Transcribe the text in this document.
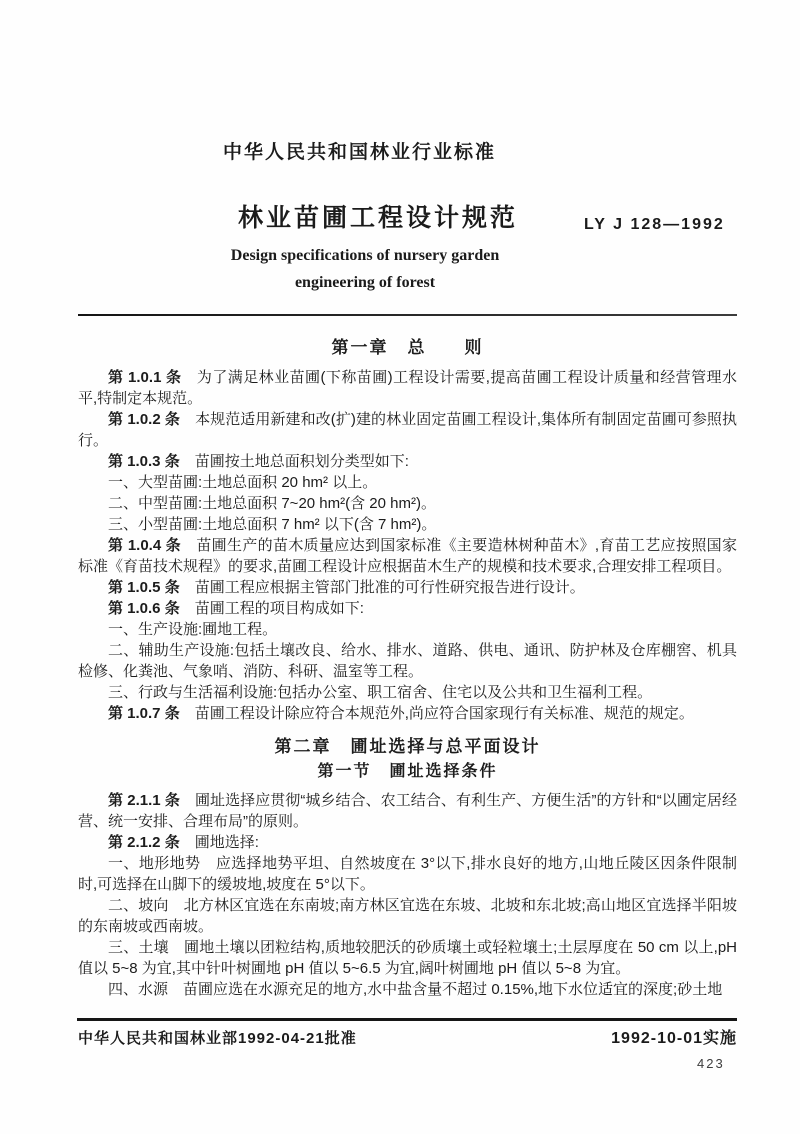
中华人民共和国林业行业标准
林业苗圃工程设计规范	LY J 128—1992
Design specifications of nursery garden
engineering of forest
第一章　总　　则

第 1.0.1 条　为了满足林业苗圃(下称苗圃)工程设计需要,提高苗圃工程设计质量和经营管理水平,特制定本规范。

第 1.0.2 条　本规范适用新建和改(扩)建的林业固定苗圃工程设计,集体所有制固定苗圃可参照执行。

第 1.0.3 条　苗圃按土地总面积划分类型如下:

一、大型苗圃:土地总面积 20 hm² 以上。

二、中型苗圃:土地总面积 7~20 hm²(含 20 hm²)。

三、小型苗圃:土地总面积 7 hm² 以下(含 7 hm²)。

第 1.0.4 条　苗圃生产的苗木质量应达到国家标准《主要造林树种苗木》,育苗工艺应按照国家标准《育苗技术规程》的要求,苗圃工程设计应根据苗木生产的规模和技术要求,合理安排工程项目。

第 1.0.5 条　苗圃工程应根据主管部门批准的可行性研究报告进行设计。

第 1.0.6 条　苗圃工程的项目构成如下:

一、生产设施:圃地工程。

二、辅助生产设施:包括土壤改良、给水、排水、道路、供电、通讯、防护林及仓库棚窖、机具检修、化粪池、气象哨、消防、科研、温室等工程。

三、行政与生活福利设施:包括办公室、职工宿舍、住宅以及公共和卫生福利工程。

第 1.0.7 条　苗圃工程设计除应符合本规范外,尚应符合国家现行有关标准、规范的规定。

第二章　圃址选择与总平面设计
第一节　圃址选择条件

第 2.1.1 条　圃址选择应贯彻“城乡结合、农工结合、有利生产、方便生活”的方针和“以圃定居经营、统一安排、合理布局”的原则。

第 2.1.2 条　圃地选择:

一、地形地势　应选择地势平坦、自然坡度在 3°以下,排水良好的地方,山地丘陵区因条件限制时,可选择在山脚下的缓坡地,坡度在 5°以下。

二、坡向　北方林区宜选在东南坡;南方林区宜选在东坡、北坡和东北坡;高山地区宜选择半阳坡的东南坡或西南坡。

三、土壤　圃地土壤以团粒结构,质地较肥沃的砂质壤土或轻粒壤土;土层厚度在 50 cm 以上,pH 值以 5~8 为宜,其中针叶树圃地 pH 值以 5~6.5 为宜,阔叶树圃地 pH 值以 5~8 为宜。

四、水源　苗圃应选在水源充足的地方,水中盐含量不超过 0.15%,地下水位适宜的深度;砂土地

中华人民共和国林业部1992-04-21批准	1992-10-01实施
423
